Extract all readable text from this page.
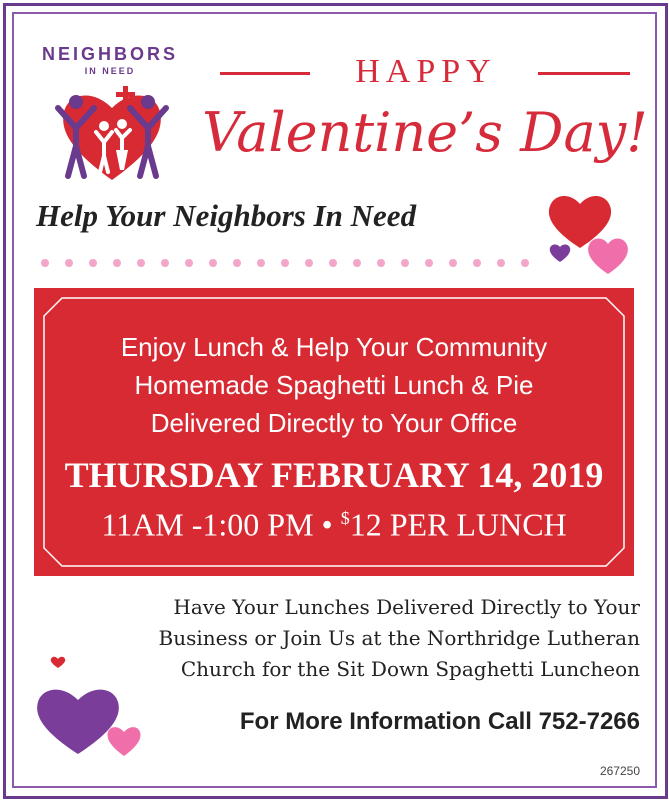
NEIGHBORS
IN NEED	HAPPY
Valentine’s Day!
Help Your Neighbors In Need
Enjoy Lunch & Help Your Community
Homemade Spaghetti Lunch & Pie
Delivered Directly to Your Office
THURSDAY FEBRUARY 14, 2019
11AM -1:00 PM • $12 PER LUNCH
Have Your Lunches Delivered Directly to Your
Business or Join Us at the Northridge Lutheran
Church for the Sit Down Spaghetti Luncheon
For More Information Call 752-7266
267250
